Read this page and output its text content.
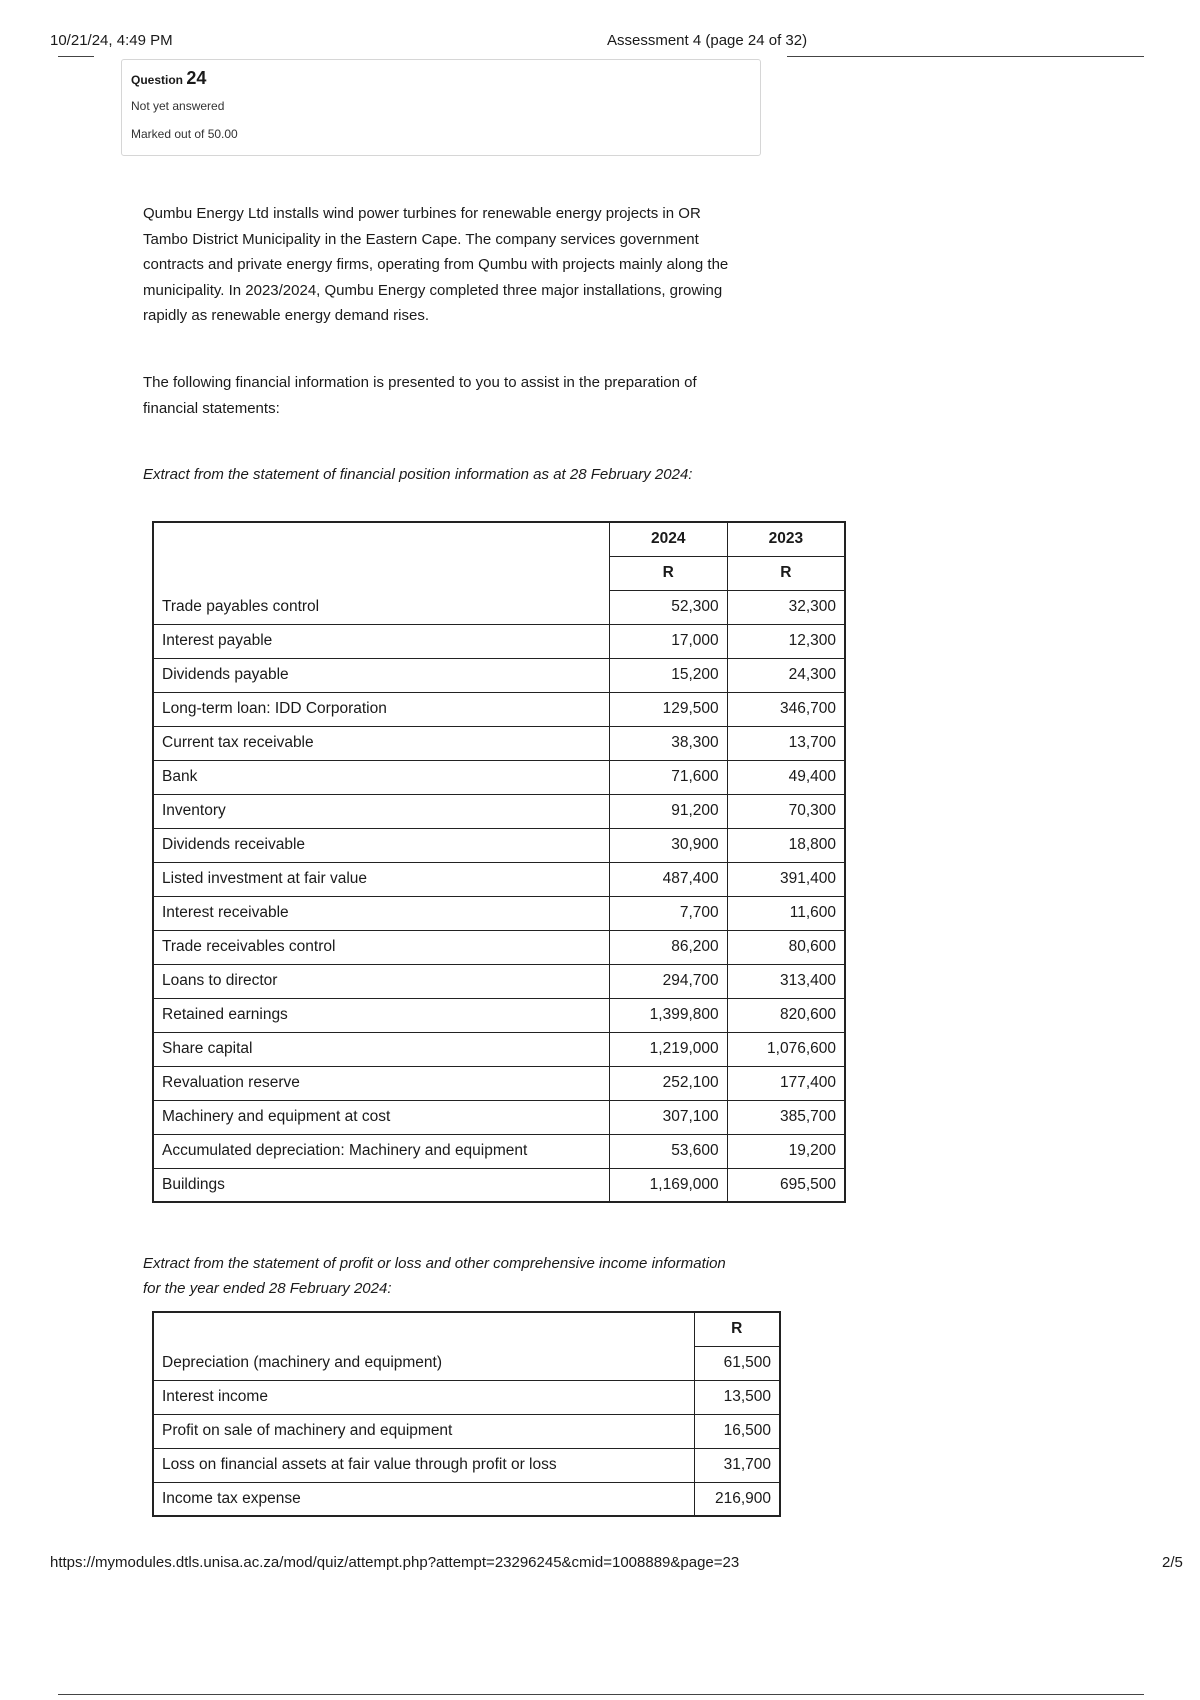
10/21/24, 4:49 PM	Assessment 4 (page 24 of 32)
Question 24
Not yet answered
Marked out of 50.00
Qumbu Energy Ltd installs wind power turbines for renewable energy projects in OR Tambo District Municipality in the Eastern Cape. The company services government contracts and private energy firms, operating from Qumbu with projects mainly along the municipality. In 2023/2024, Qumbu Energy completed three major installations, growing rapidly as renewable energy demand rises.
The following financial information is presented to you to assist in the preparation of financial statements:
Extract from the statement of financial position information as at 28 February 2024:
	2024	2023
	R	R
Trade payables control	52,300	32,300
Interest payable	17,000	12,300
Dividends payable	15,200	24,300
Long-term loan: IDD Corporation	129,500	346,700
Current tax receivable	38,300	13,700
Bank	71,600	49,400
Inventory	91,200	70,300
Dividends receivable	30,900	18,800
Listed investment at fair value	487,400	391,400
Interest receivable	7,700	11,600
Trade receivables control	86,200	80,600
Loans to director	294,700	313,400
Retained earnings	1,399,800	820,600
Share capital	1,219,000	1,076,600
Revaluation reserve	252,100	177,400
Machinery and equipment at cost	307,100	385,700
Accumulated depreciation: Machinery and equipment	53,600	19,200
Buildings	1,169,000	695,500
Extract from the statement of profit or loss and other comprehensive income information for the year ended 28 February 2024:
	R
Depreciation (machinery and equipment)	61,500
Interest income	13,500
Profit on sale of machinery and equipment	16,500
Loss on financial assets at fair value through profit or loss	31,700
Income tax expense	216,900
https://mymodules.dtls.unisa.ac.za/mod/quiz/attempt.php?attempt=23296245&cmid=1008889&page=23	2/5
